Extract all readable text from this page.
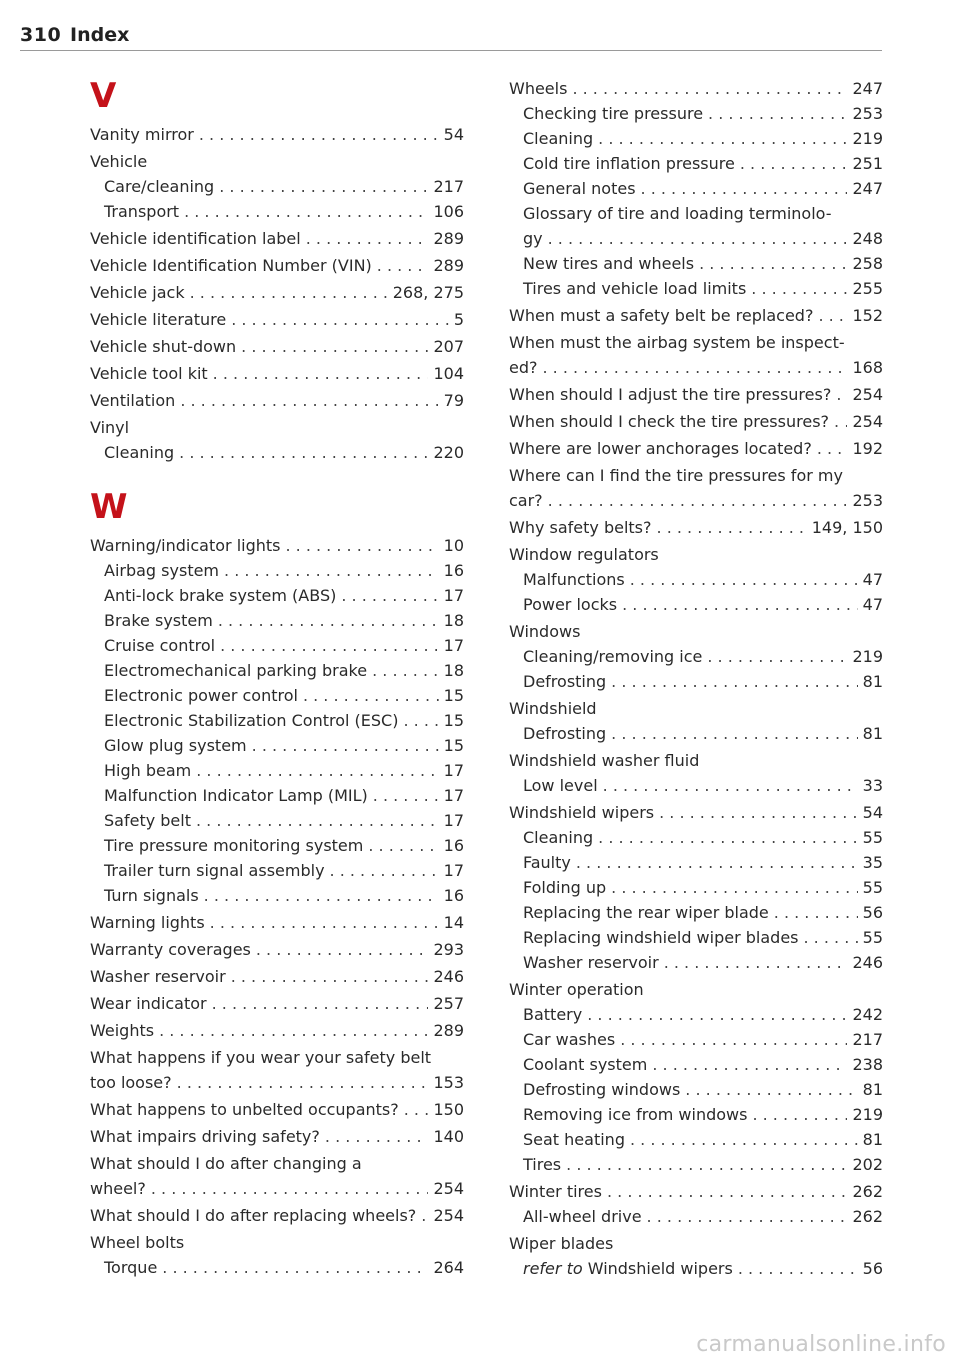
310 Index
V
Vanity mirror . . .	54
Vehicle
Care/cleaning . . .	217
Transport . . .	106
Vehicle identification label . . .	289
Vehicle Identification Number (VIN) . . .	289
Vehicle jack . . .	268, 275
Vehicle literature . . .	5
Vehicle shut-down . . .	207
Vehicle tool kit . . .	104
Ventilation . . .	79
Vinyl
Cleaning . . .	220
W
Warning/indicator lights . . .	10
Airbag system . . .	16
Anti-lock brake system (ABS) . . .	17
Brake system . . .	18
Cruise control . . .	17
Electromechanical parking brake . . .	18
Electronic power control . . .	15
Electronic Stabilization Control (ESC) . . .	15
Glow plug system . . .	15
High beam . . .	17
Malfunction Indicator Lamp (MIL) . . .	17
Safety belt . . .	17
Tire pressure monitoring system . . .	16
Trailer turn signal assembly . . .	17
Turn signals . . .	16
Warning lights . . .	14
Warranty coverages . . .	293
Washer reservoir . . .	246
Wear indicator . . .	257
Weights . . .	289
What happens if you wear your safety belt
too loose? . . .	153
What happens to unbelted occupants? . . . 150
What impairs driving safety? . . .	140
What should I do after changing a
wheel? . . .	254
What should I do after replacing wheels? . . . 254
Wheel bolts
Torque . . .	264
Wheels . . .	247
Checking tire pressure . . .	253
Cleaning . . .	219
Cold tire inflation pressure . . .	251
General notes . . .	247
Glossary of tire and loading terminolo-
gy . . .	248
New tires and wheels . . .	258
Tires and vehicle load limits . . .	255
When must a safety belt be replaced? . . . 152
When must the airbag system be inspect-
ed? . . .	168
When should I adjust the tire pressures? . . . 254
When should I check the tire pressures? . . . 254
Where are lower anchorages located? . . .	192
Where can I find the tire pressures for my
car? . . .	253
Why safety belts? . . .	149, 150
Window regulators
Malfunctions . . .	47
Power locks . . .	47
Windows
Cleaning/removing ice . . .	219
Defrosting . . .	81
Windshield
Defrosting . . .	81
Windshield washer fluid
Low level . . .	33
Windshield wipers . . .	54
Cleaning . . .	55
Faulty . . .	35
Folding up . . .	55
Replacing the rear wiper blade . . .	56
Replacing windshield wiper blades . . .	55
Washer reservoir . . .	246
Winter operation
Battery . . .	242
Car washes . . .	217
Coolant system . . .	238
Defrosting windows . . .	81
Removing ice from windows . . .	219
Seat heating . . .	81
Tires . . .	202
Winter tires . . .	262
All-wheel drive . . .	262
Wiper blades
refer to Windshield wipers . . .	56
carmanualsonline.info
